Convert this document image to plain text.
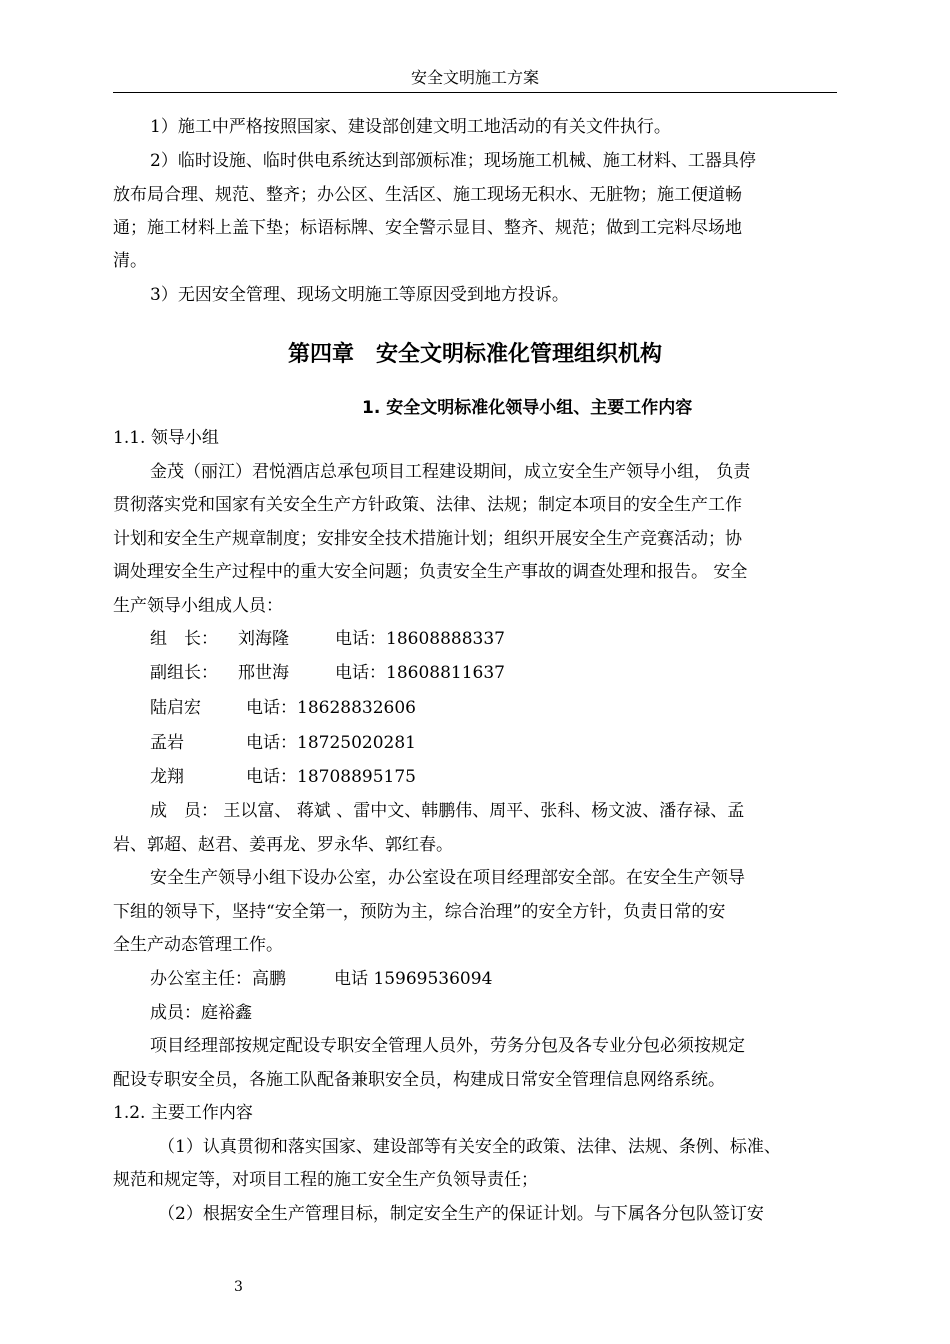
安全文明施工方案
1）施工中严格按照国家、建设部创建文明工地活动的有关文件执行。
2）临时设施、临时供电系统达到部颁标准；现场施工机械、施工材料、工器具停
放布局合理、规范、整齐；办公区、生活区、施工现场无积水、无脏物；施工便道畅
通；施工材料上盖下垫；标语标牌、安全警示显目、整齐、规范；做到工完料尽场地
清。
3）无因安全管理、现场文明施工等原因受到地方投诉。
第四章　安全文明标准化管理组织机构
1. 安全文明标准化领导小组、主要工作内容
1.1. 领导小组
金茂（丽江）君悦酒店总承包项目工程建设期间，成立安全生产领导小组， 负责
贯彻落实党和国家有关安全生产方针政策、法律、法规；制定本项目的安全生产工作
计划和安全生产规章制度；安排安全技术措施计划；组织开展安全生产竞赛活动；协
调处理安全生产过程中的重大安全问题；负责安全生产事故的调查处理和报告。 安全
生产领导小组成人员：
组　长： 刘海隆	电话：18608888337
副组长： 邢世海	电话：18608811637
陆启宏	电话：18628832606
孟岩	电话：18725020281
龙翔	电话：18708895175
成　员： 王以富、 蒋斌 、雷中文、韩鹏伟、周平、张科、杨文波、潘存禄、孟
岩、郭超、赵君、姜再龙、罗永华、郭红春。
安全生产领导小组下设办公室，办公室设在项目经理部安全部。在安全生产领导
下组的领导下，坚持“安全第一，预防为主，综合治理”的安全方针，负责日常的安
全生产动态管理工作。
办公室主任：高鹏	电话 15969536094
成员：庭裕鑫
项目经理部按规定配设专职安全管理人员外，劳务分包及各专业分包必须按规定
配设专职安全员，各施工队配备兼职安全员，构建成日常安全管理信息网络系统。
1.2. 主要工作内容
（1）认真贯彻和落实国家、建设部等有关安全的政策、法律、法规、条例、标准、
规范和规定等，对项目工程的施工安全生产负领导责任；
（2）根据安全生产管理目标，制定安全生产的保证计划。与下属各分包队签订安
3
